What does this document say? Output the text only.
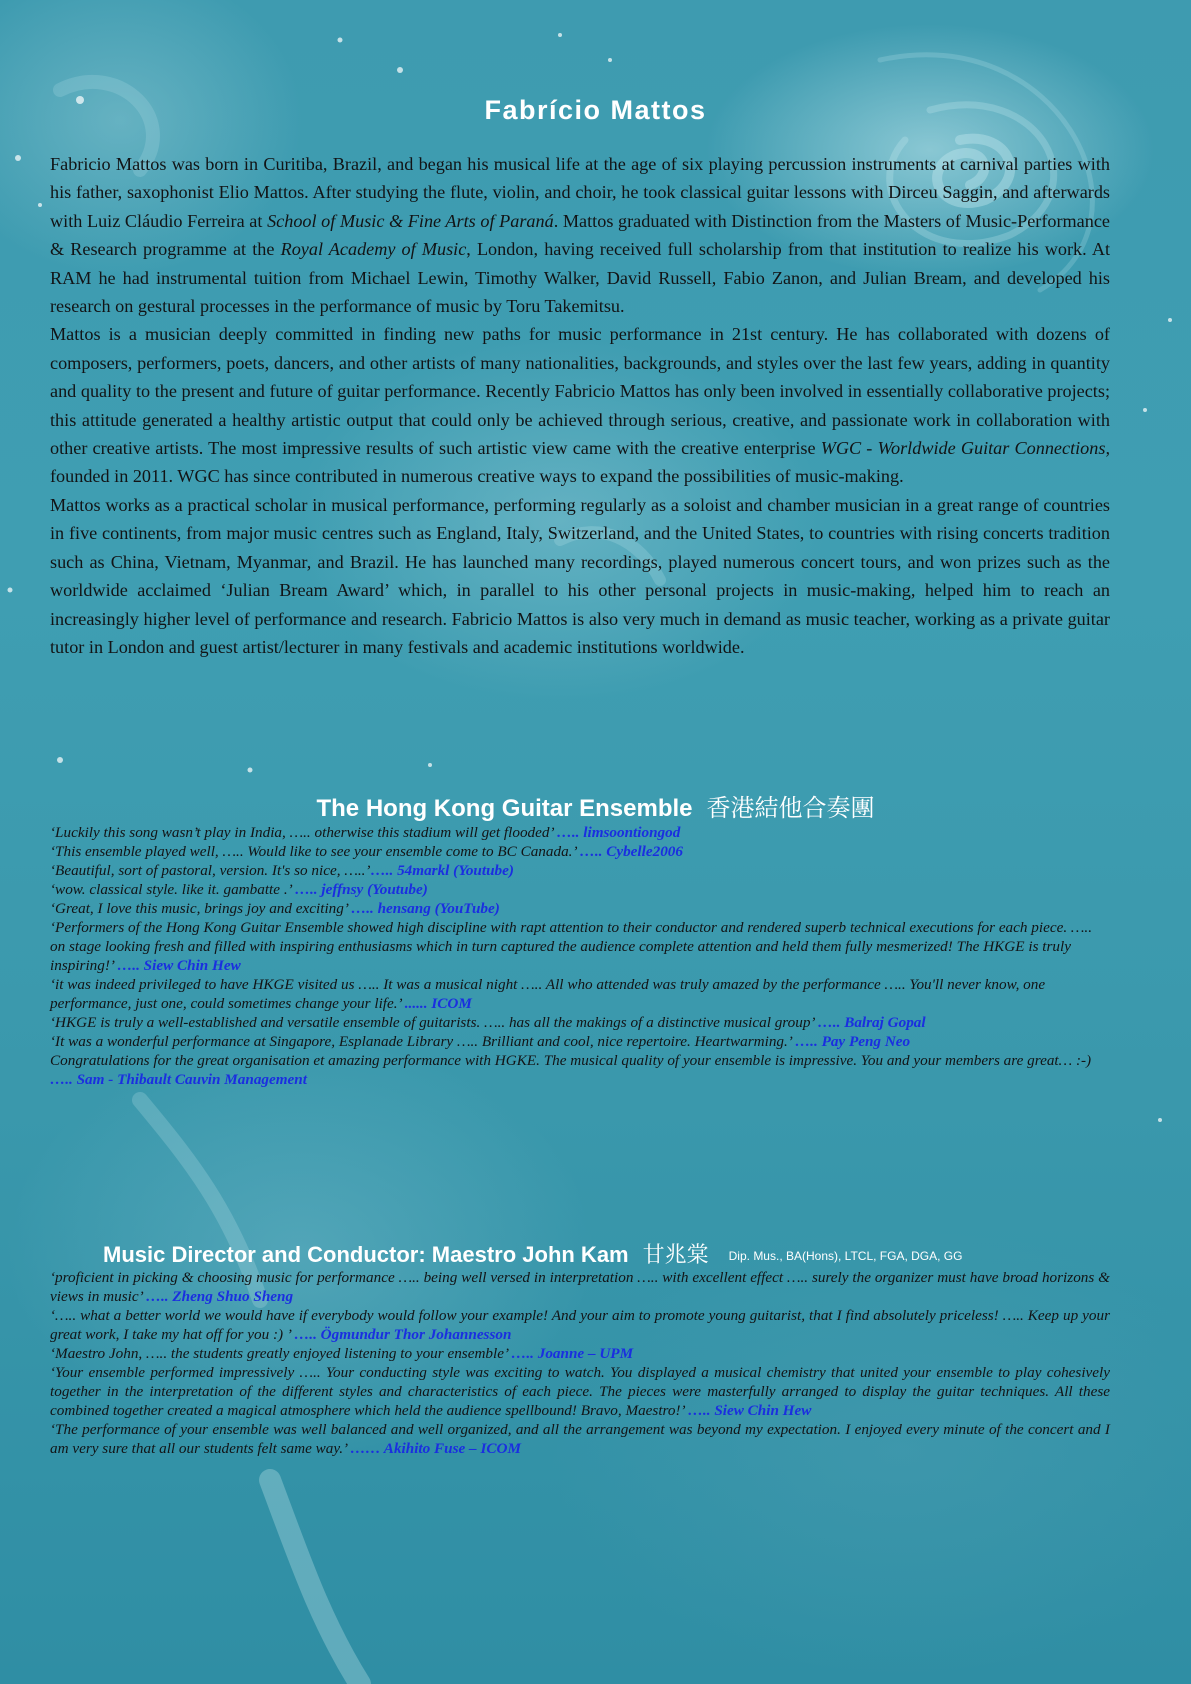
Fabrício Mattos

Fabricio Mattos was born in Curitiba, Brazil, and began his musical life at the age of six playing percussion instruments at carnival parties with his father, saxophonist Elio Mattos. After studying the flute, violin, and choir, he took classical guitar lessons with Dirceu Saggin, and afterwards with Luiz Cláudio Ferreira at School of Music & Fine Arts of Paraná. Mattos graduated with Distinction from the Masters of Music-Performance & Research programme at the Royal Academy of Music, London, having received full scholarship from that institution to realize his work. At RAM he had instrumental tuition from Michael Lewin, Timothy Walker, David Russell, Fabio Zanon, and Julian Bream, and developed his research on gestural processes in the performance of music by Toru Takemitsu.

Mattos is a musician deeply committed in finding new paths for music performance in 21st century. He has collaborated with dozens of composers, performers, poets, dancers, and other artists of many nationalities, backgrounds, and styles over the last few years, adding in quantity and quality to the present and future of guitar performance. Recently Fabricio Mattos has only been involved in essentially collaborative projects; this attitude generated a healthy artistic output that could only be achieved through serious, creative, and passionate work in collaboration with other creative artists. The most impressive results of such artistic view came with the creative enterprise WGC - Worldwide Guitar Connections, founded in 2011. WGC has since contributed in numerous creative ways to expand the possibilities of music-making.

Mattos works as a practical scholar in musical performance, performing regularly as a soloist and chamber musician in a great range of countries in five continents, from major music centres such as England, Italy, Switzerland, and the United States, to countries with rising concerts tradition such as China, Vietnam, Myanmar, and Brazil. He has launched many recordings, played numerous concert tours, and won prizes such as the worldwide acclaimed ‘Julian Bream Award’ which, in parallel to his other personal projects in music-making, helped him to reach an increasingly higher level of performance and research. Fabricio Mattos is also very much in demand as music teacher, working as a private guitar tutor in London and guest artist/lecturer in many festivals and academic institutions worldwide.

The Hong Kong Guitar Ensemble 香港結他合奏團

‘Luckily this song wasn’t play in India, ….. otherwise this stadium will get flooded’ ….. limsoontiongod

‘This ensemble played well, ….. Would like to see your ensemble come to BC Canada.’ ….. Cybelle2006

‘Beautiful, sort of pastoral, version. It's so nice, …..’….. 54markl (Youtube)

‘wow. classical style. like it. gambatte .’ ….. jeffnsy (Youtube)

‘Great, I love this music, brings joy and exciting’ ….. hensang (YouTube)

‘Performers of the Hong Kong Guitar Ensemble showed high discipline with rapt attention to their conductor and rendered superb technical executions for each piece. ….. on stage looking fresh and filled with inspiring enthusiasms which in turn captured the audience complete attention and held them fully mesmerized! The HKGE is truly inspiring!’ ….. Siew Chin Hew

‘it was indeed privileged to have HKGE visited us ….. It was a musical night ….. All who attended was truly amazed by the performance ….. You'll never know, one performance, just one, could sometimes change your life.’ ...... ICOM

‘HKGE is truly a well-established and versatile ensemble of guitarists. ….. has all the makings of a distinctive musical group’ ….. Balraj Gopal

‘It was a wonderful performance at Singapore, Esplanade Library ….. Brilliant and cool, nice repertoire. Heartwarming.’ ….. Pay Peng Neo

Congratulations for the great organisation et amazing performance with HGKE. The musical quality of your ensemble is impressive. You and your members are great… :-) ….. Sam - Thibault Cauvin Management

Music Director and Conductor: Maestro John Kam 甘兆棠 Dip. Mus., BA(Hons), LTCL, FGA, DGA, GG

‘proficient in picking & choosing music for performance ….. being well versed in interpretation ….. with excellent effect ….. surely the organizer must have broad horizons & views in music’ ….. Zheng Shuo Sheng

‘….. what a better world we would have if everybody would follow your example! And your aim to promote young guitarist, that I find absolutely priceless! ….. Keep up your great work, I take my hat off for you :) ’ ….. Ögmundur Thor Johannesson

‘Maestro John, ….. the students greatly enjoyed listening to your ensemble’ ….. Joanne – UPM

‘Your ensemble performed impressively ….. Your conducting style was exciting to watch. You displayed a musical chemistry that united your ensemble to play cohesively together in the interpretation of the different styles and characteristics of each piece. The pieces were masterfully arranged to display the guitar techniques. All these combined together created a magical atmosphere which held the audience spellbound! Bravo, Maestro!’ ….. Siew Chin Hew

‘The performance of your ensemble was well balanced and well organized, and all the arrangement was beyond my expectation. I enjoyed every minute of the concert and I am very sure that all our students felt same way.’ …… Akihito Fuse – ICOM
